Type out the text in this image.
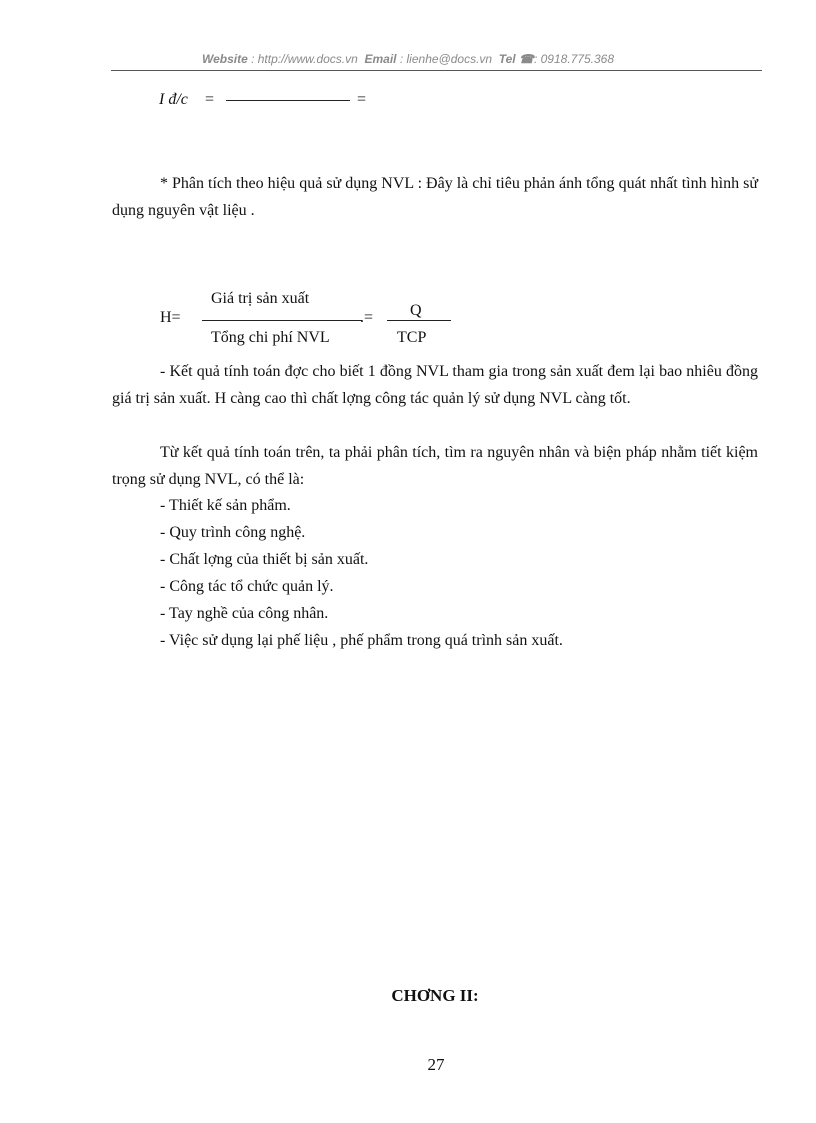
Website : http://www.docs.vn Email : lienhe@docs.vn Tel ☎: 0918.775.368
I đ/c =	=
* Phân tích theo hiệu quả sử dụng NVL : Đây là chỉ tiêu phản ánh tổng quát nhất tình hình sử dụng nguyên vật liệu .
Giá trị sản xuất
H=	.= Q
Tổng chi phí NVL	TCP
- Kết quả tính toán đợc cho biết 1 đồng NVL tham gia trong sản xuất đem lại bao nhiêu đồng giá trị sản xuất. H càng cao thì chất lợng công tác quản lý sử dụng NVL càng tốt.
Từ kết quả tính toán trên, ta phải phân tích, tìm ra nguyên nhân và biện pháp nhằm tiết kiệm trọng sử dụng NVL, có thể là:
- Thiết kế sản phẩm.
- Quy trình công nghệ.
- Chất lợng của thiết bị sản xuất.
- Công tác tổ chức quản lý.
- Tay nghề của công nhân.
- Việc sử dụng lại phế liệu , phế phẩm trong quá trình sản xuất.
CHƠNG II:
27
